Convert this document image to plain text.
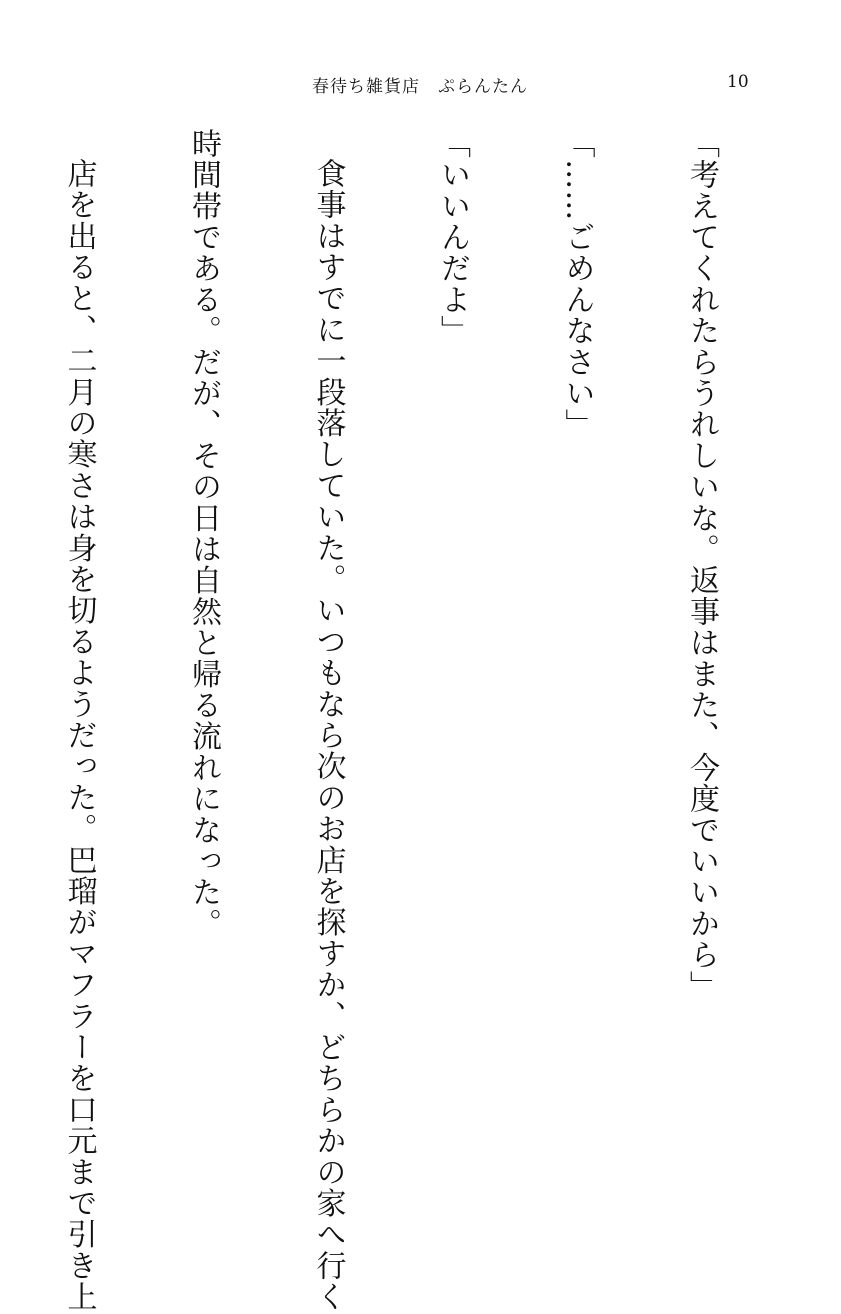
春待ち雑貨店　ぷらんたん	10

「考えてくれたらうれしいな。返事はまた、今度でいいから」

「……ごめんなさい」

「いいんだよ」

食事はすでに一段落していた。いつもなら次のお店を探すか、どちらかの家へ行く

時間帯である。だが、その日は自然と帰る流れになった。

店を出ると、二月の寒さは身を切るようだった。巴瑠がマフラーを口元まで引き上
